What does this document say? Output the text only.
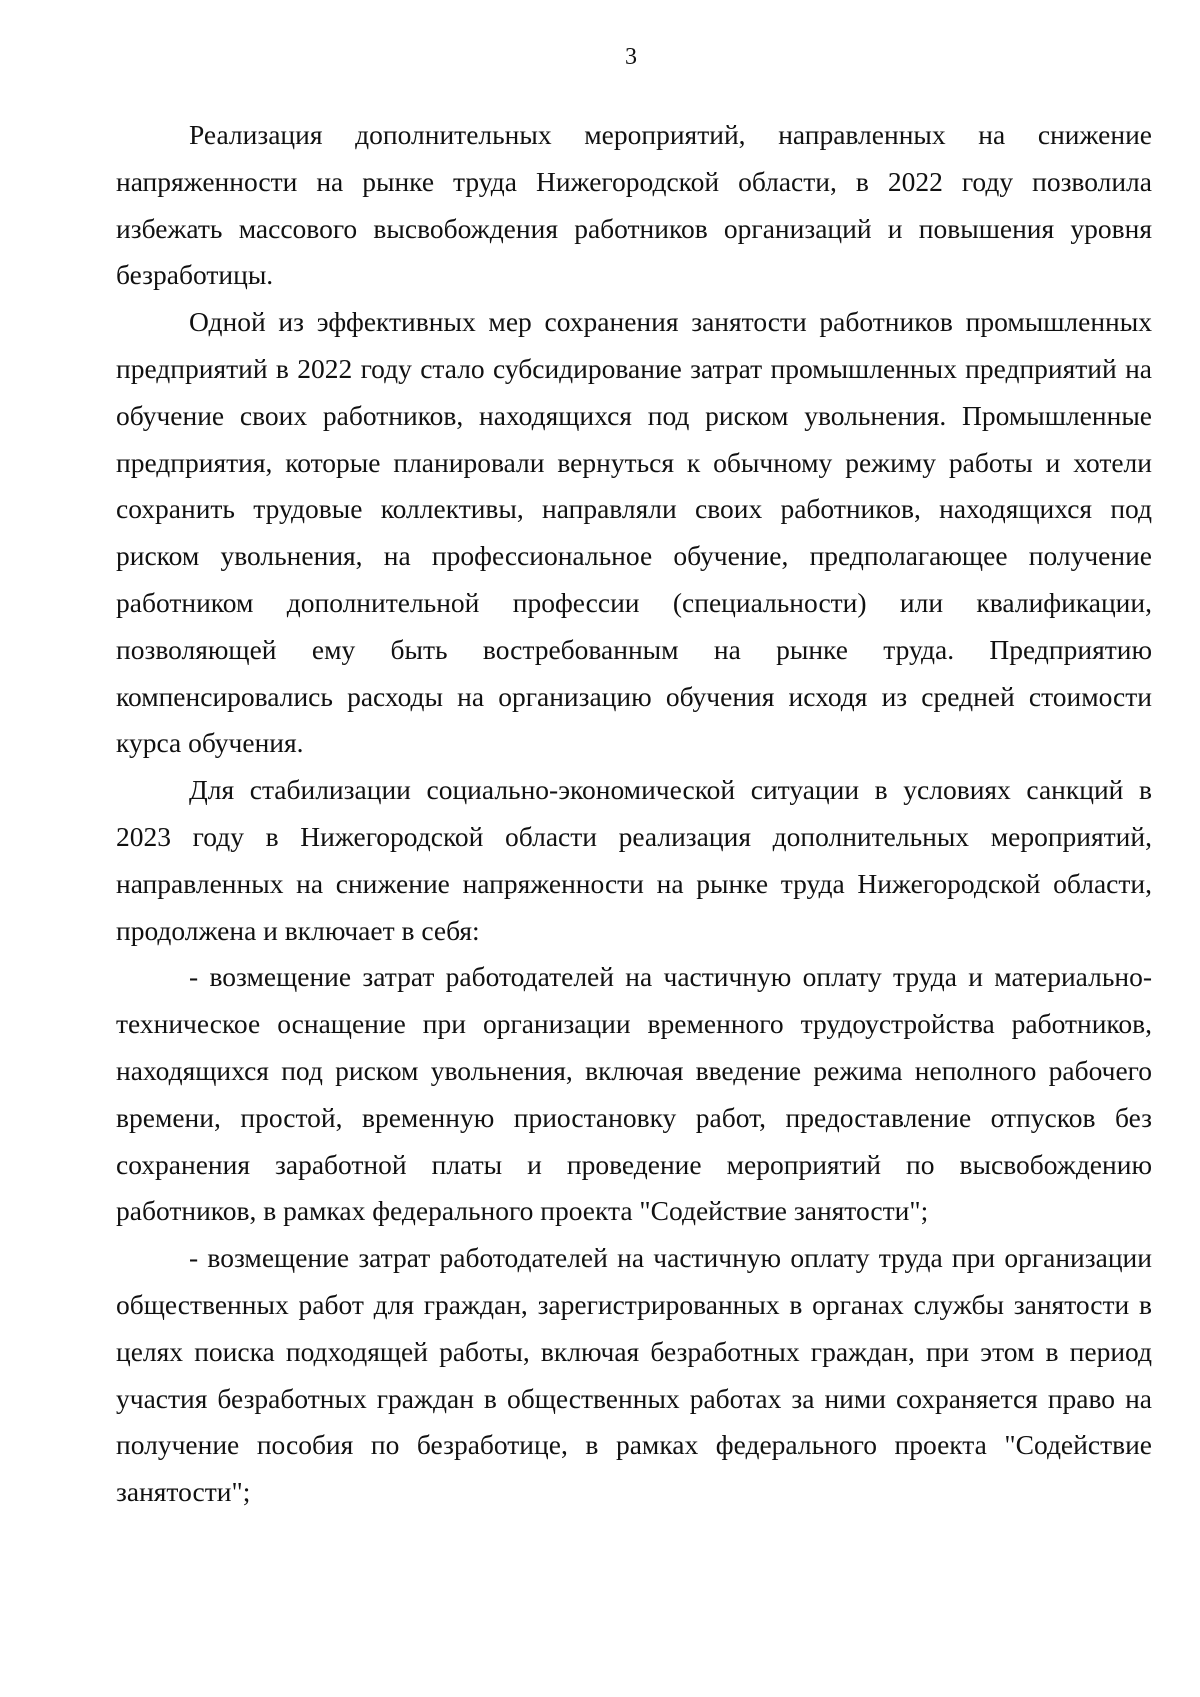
3

Реализация дополнительных мероприятий, направленных на снижение напряженности на рынке труда Нижегородской области, в 2022 году позволила избежать массового высвобождения работников организаций и повышения уровня безработицы.

Одной из эффективных мер сохранения занятости работников промышленных предприятий в 2022 году стало субсидирование затрат промышленных предприятий на обучение своих работников, находящихся под риском увольнения. Промышленные предприятия, которые планировали вернуться к обычному режиму работы и хотели сохранить трудовые коллективы, направляли своих работников, находящихся под риском увольнения, на профессиональное обучение, предполагающее получение работником дополнительной профессии (специальности) или квалификации, позволяющей ему быть востребованным на рынке труда. Предприятию компенсировались расходы на организацию обучения исходя из средней стоимости курса обучения.

Для стабилизации социально-экономической ситуации в условиях санкций в 2023 году в Нижегородской области реализация дополнительных мероприятий, направленных на снижение напряженности на рынке труда Нижегородской области, продолжена и включает в себя:

- возмещение затрат работодателей на частичную оплату труда и материально-техническое оснащение при организации временного трудоустройства работников, находящихся под риском увольнения, включая введение режима неполного рабочего времени, простой, временную приостановку работ, предоставление отпусков без сохранения заработной платы и проведение мероприятий по высвобождению работников, в рамках федерального проекта "Содействие занятости";

- возмещение затрат работодателей на частичную оплату труда при организации общественных работ для граждан, зарегистрированных в органах службы занятости в целях поиска подходящей работы, включая безработных граждан, при этом в период участия безработных граждан в общественных работах за ними сохраняется право на получение пособия по безработице, в рамках федерального проекта "Содействие занятости";
